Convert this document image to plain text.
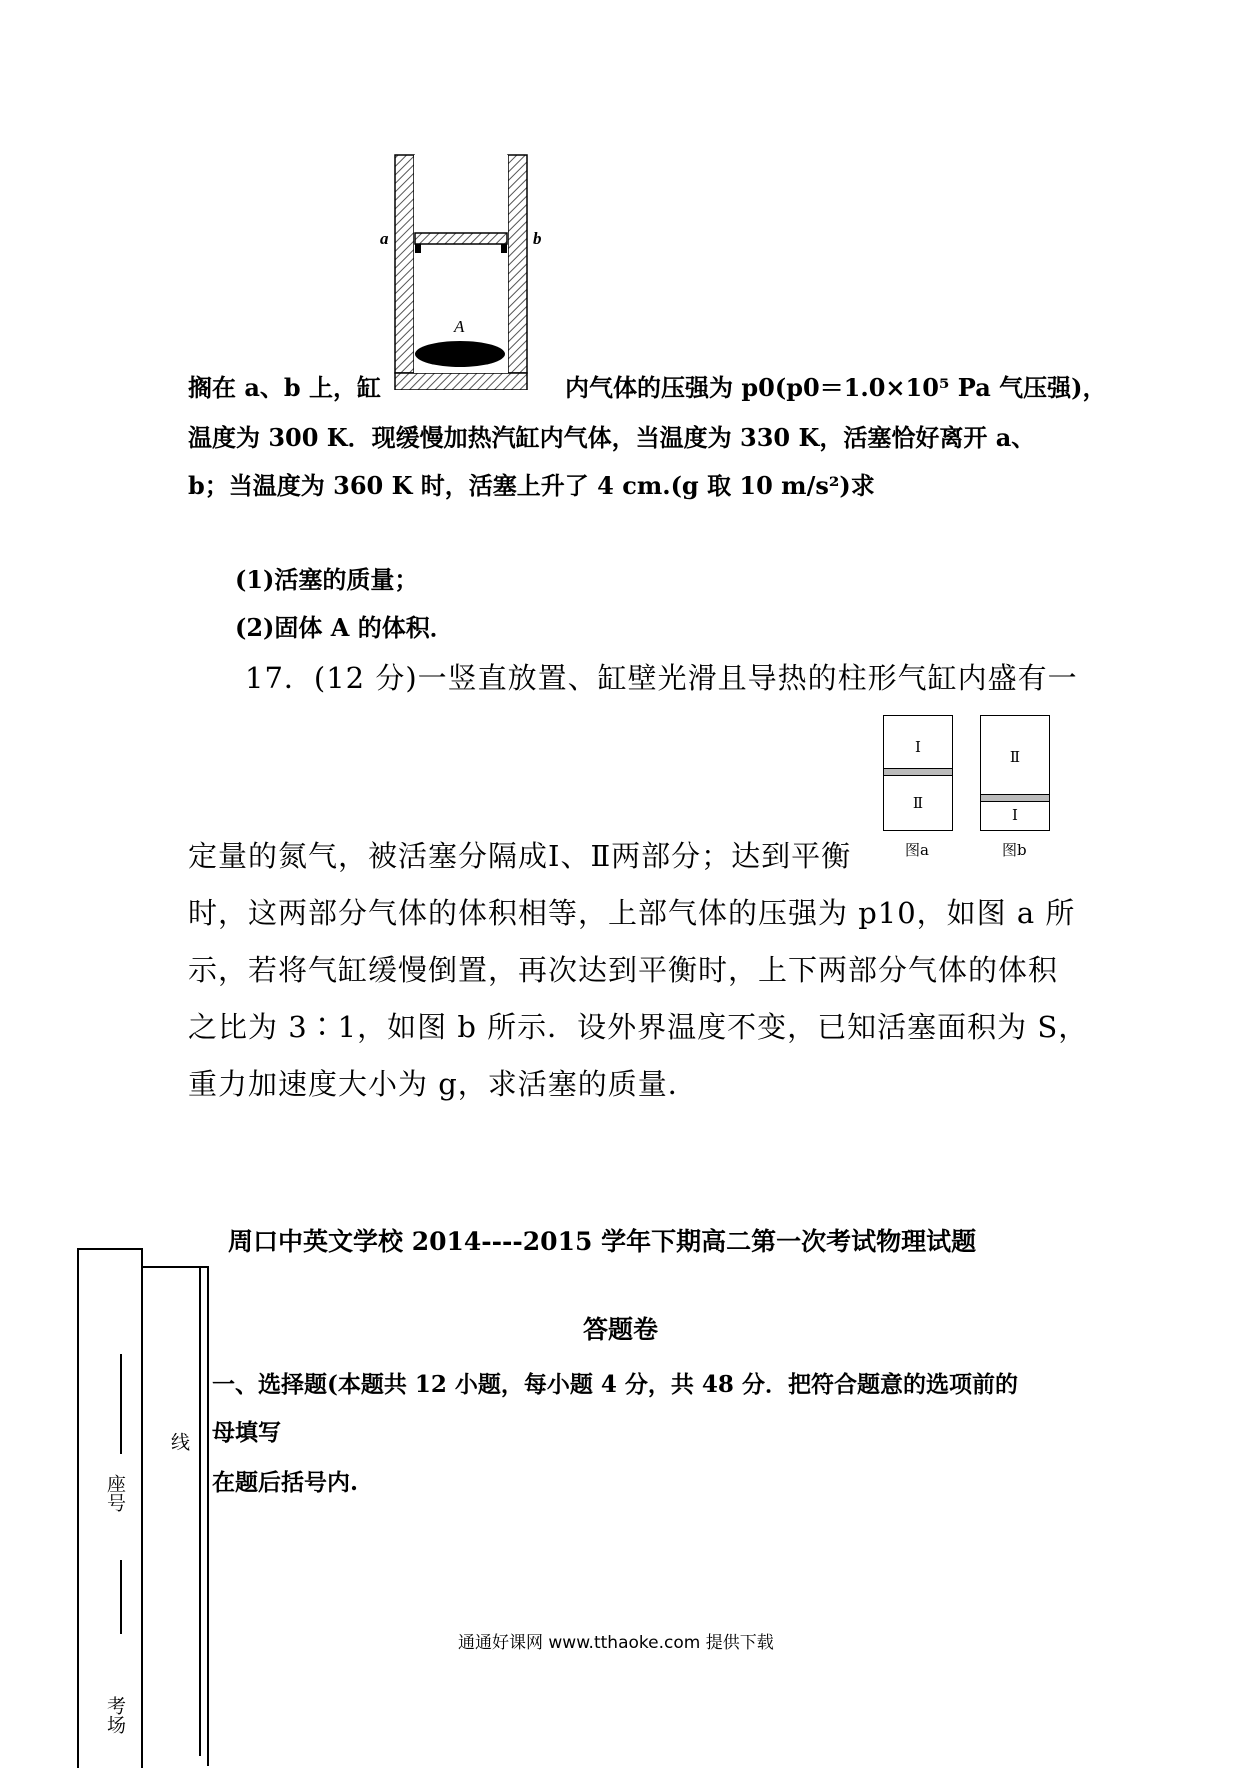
a	b
A
搁在 a、b 上，缸	内气体的压强为 p0(p0＝1.0×10⁵ Pa 气压强)，
温度为 300 K．现缓慢加热汽缸内气体，当温度为 330 K，活塞恰好离开 a、
b；当温度为 360 K 时，活塞上升了 4 cm.(g 取 10 m/s²)求
(1)活塞的质量；
(2)固体 A 的体积．
17．(12 分)一竖直放置、缸壁光滑且导热的柱形气缸内盛有一
Ⅰ
Ⅱ
图a
Ⅱ
Ⅰ
图b
定量的氮气，被活塞分隔成Ⅰ、Ⅱ两部分；达到平衡
时，这两部分气体的体积相等，上部气体的压强为 p10，如图 a 所
示，若将气缸缓慢倒置，再次达到平衡时，上下两部分气体的体积
之比为 3∶1，如图 b 所示．设外界温度不变，已知活塞面积为 S，
重力加速度大小为 g，求活塞的质量．
周口中英文学校 2014----2015 学年下期高二第一次考试物理试题
答题卷
一、选择题(本题共 12 小题，每小题 4 分，共 48 分．把符合题意的选项前的
母填写
在题后括号内.
座号
线
考场
通通好课网 www.tthaoke.com 提供下载
